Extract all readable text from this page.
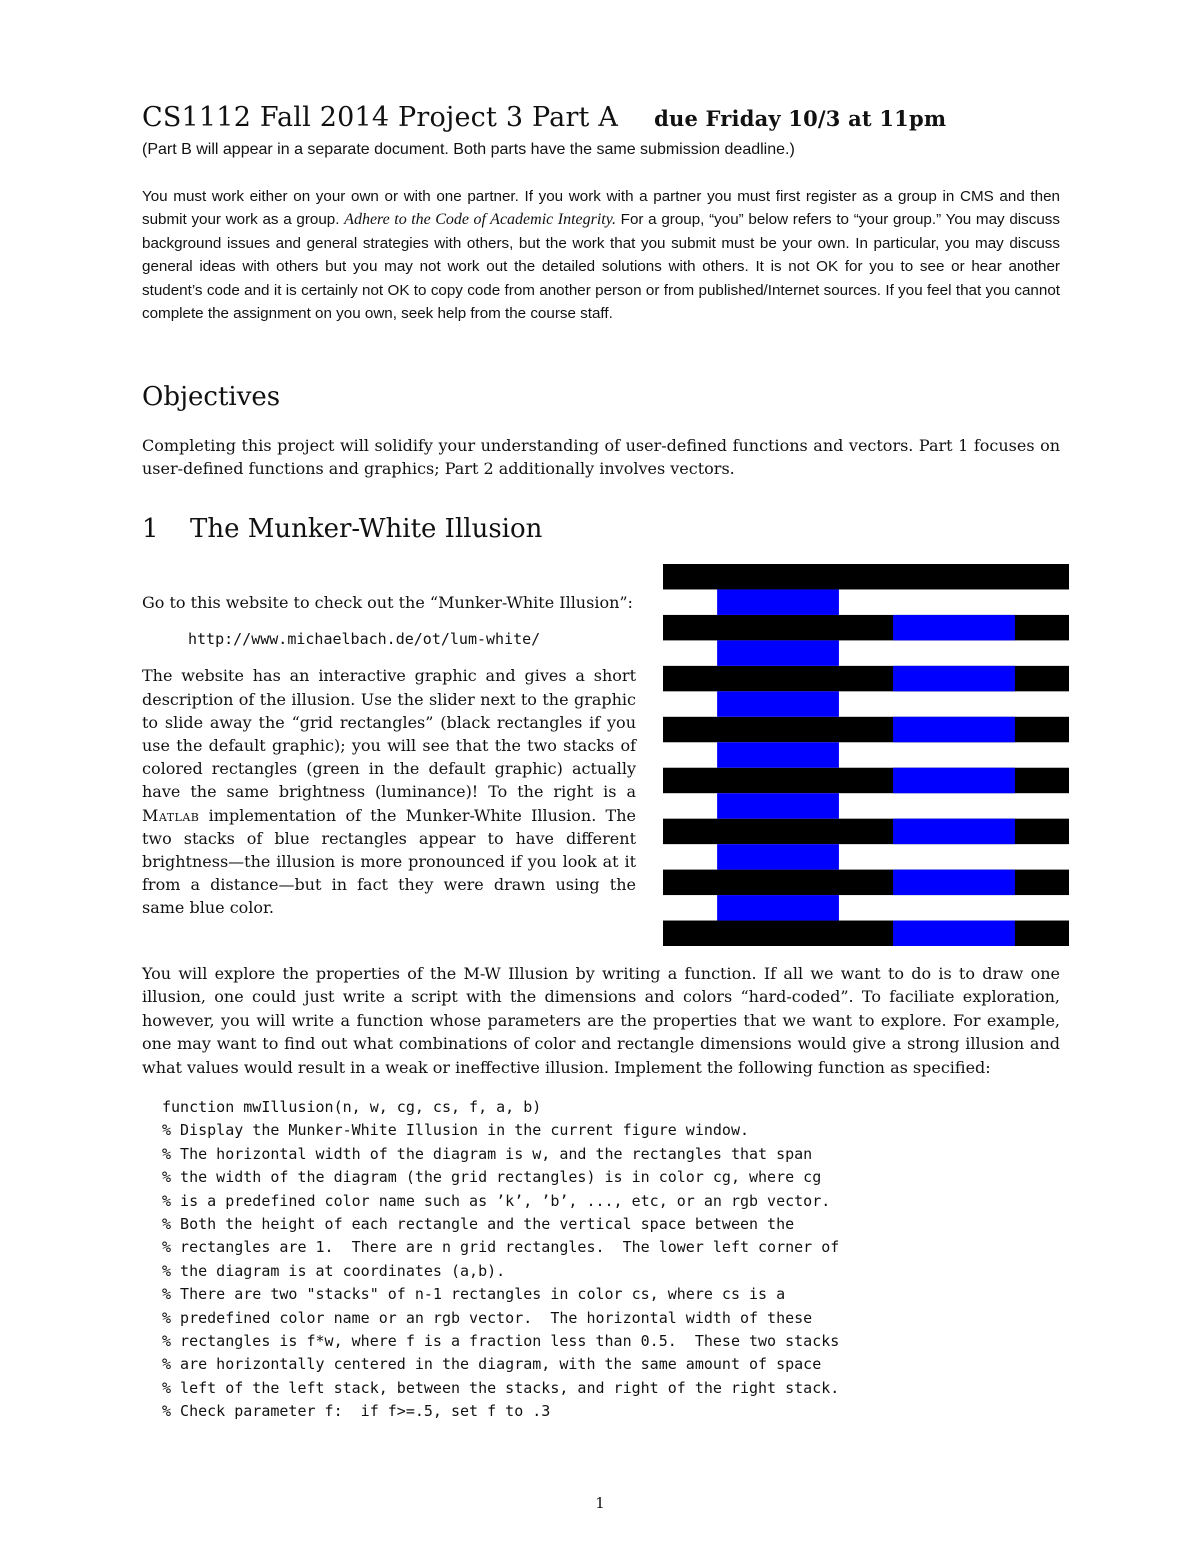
CS1112 Fall 2014 Project 3 Part A due Friday 10/3 at 11pm

(Part B will appear in a separate document. Both parts have the same submission deadline.)

You must work either on your own or with one partner. If you work with a partner you must first register as a group in CMS and then submit your work as a group. Adhere to the Code of Academic Integrity. For a group, “you” below refers to “your group.” You may discuss background issues and general strategies with others, but the work that you submit must be your own. In particular, you may discuss general ideas with others but you may not work out the detailed solutions with others. It is not OK for you to see or hear another student’s code and it is certainly not OK to copy code from another person or from published/Internet sources. If you feel that you cannot complete the assignment on you own, seek help from the course staff.

Objectives

Completing this project will solidify your understanding of user-defined functions and vectors. Part 1 focuses on user-defined functions and graphics; Part 2 additionally involves vectors.

1 The Munker-White Illusion

Go to this website to check out the “Munker-White Illusion”:

http://www.michaelbach.de/ot/lum-white/

The website has an interactive graphic and gives a short description of the illusion. Use the slider next to the graphic to slide away the “grid rectangles” (black rectangles if you use the default graphic); you will see that the two stacks of colored rectangles (green in the default graphic) actually have the same brightness (luminance)! To the right is a Matlab implementation of the Munker-White Illusion. The two stacks of blue rectangles appear to have different brightness—the illusion is more pronounced if you look at it from a distance—but in fact they were drawn using the same blue color.

You will explore the properties of the M-W Illusion by writing a function. If all we want to do is to draw one illusion, one could just write a script with the dimensions and colors “hard-coded”. To faciliate exploration, however, you will write a function whose parameters are the properties that we want to explore. For example, one may want to find out what combinations of color and rectangle dimensions would give a strong illusion and what values would result in a weak or ineffective illusion. Implement the following function as specified:

function mwIllusion(n, w, cg, cs, f, a, b)
% Display the Munker-White Illusion in the current figure window.
% The horizontal width of the diagram is w, and the rectangles that span
% the width of the diagram (the grid rectangles) is in color cg, where cg
% is a predefined color name such as ’k’, ’b’, ..., etc, or an rgb vector.
% Both the height of each rectangle and the vertical space between the
% rectangles are 1.  There are n grid rectangles.  The lower left corner of
% the diagram is at coordinates (a,b).
% There are two "stacks" of n-1 rectangles in color cs, where cs is a
% predefined color name or an rgb vector.  The horizontal width of these
% rectangles is f*w, where f is a fraction less than 0.5.  These two stacks
% are horizontally centered in the diagram, with the same amount of space
% left of the left stack, between the stacks, and right of the right stack.
% Check parameter f:  if f>=.5, set f to .3

1
